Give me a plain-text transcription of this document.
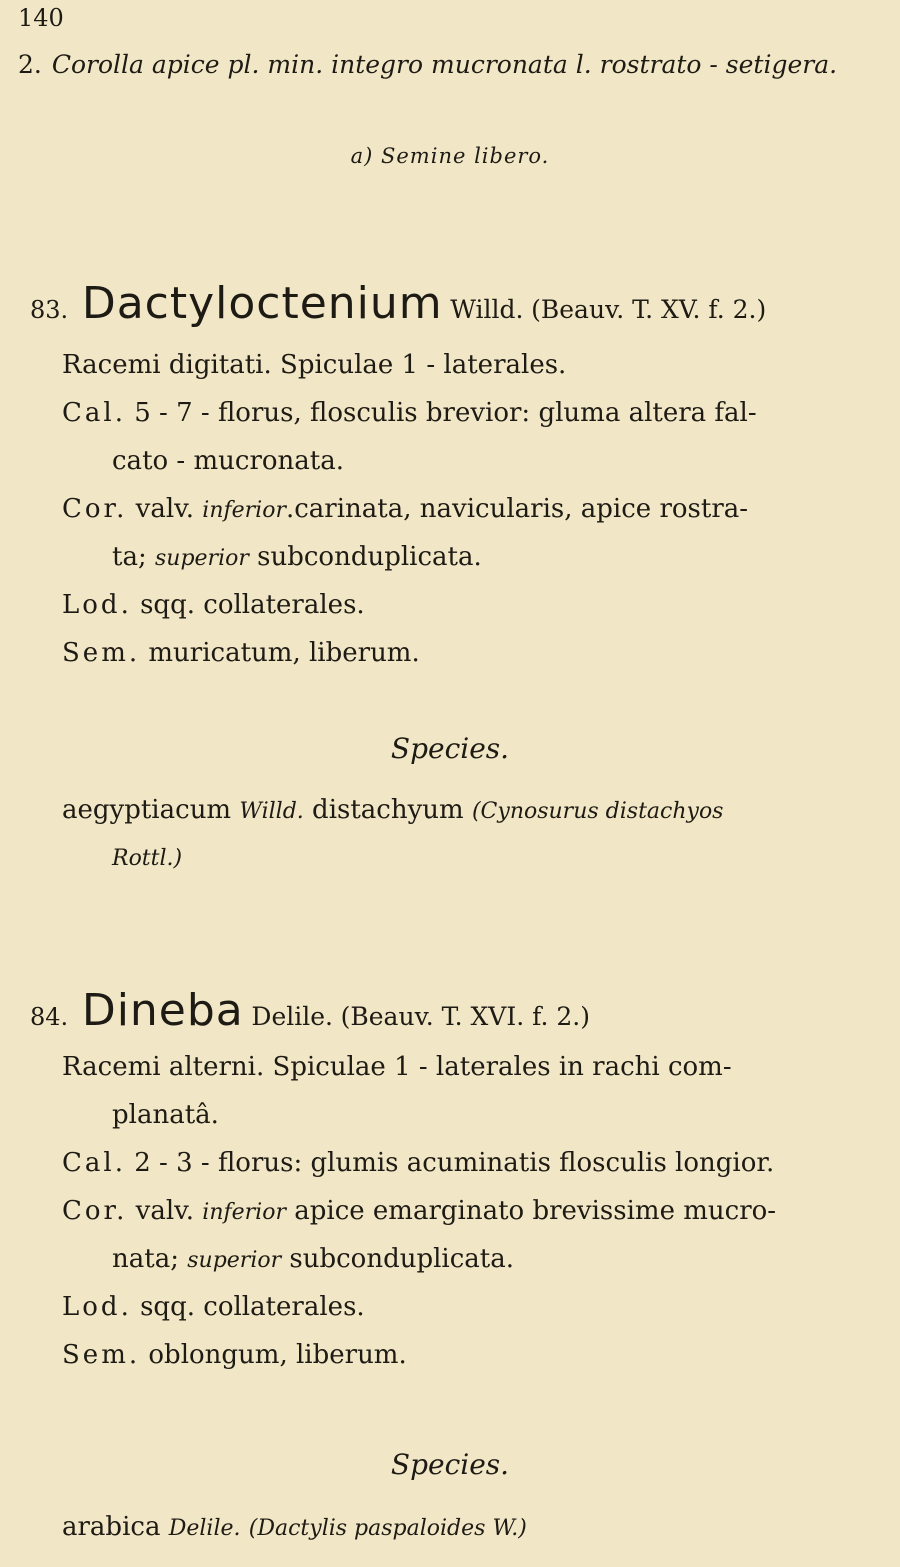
140
2. Corolla apice pl. min. integro mucronata l. rostrato - setigera.
a) Semine libero.
83. Dactyloctenium Willd. (Beauv. T. XV. f. 2.)
Racemi digitati. Spiculae 1 - laterales.
Cal. 5 - 7 - florus, flosculis brevior: gluma altera fal-
cato - mucronata.
Cor. valv. inferior.carinata, navicularis, apice rostra-
ta; superior subconduplicata.
Lod. sqq. collaterales.
Sem. muricatum, liberum.
Species.
aegyptiacum Willd. distachyum (Cynosurus distachyos
Rottl.)
84. Dineba Delile. (Beauv. T. XVI. f. 2.)
Racemi alterni. Spiculae 1 - laterales in rachi com-
planatâ.
Cal. 2 - 3 - florus: glumis acuminatis flosculis longior.
Cor. valv. inferior apice emarginato brevissime mucro-
nata; superior subconduplicata.
Lod. sqq. collaterales.
Sem. oblongum, liberum.
Species.
arabica Delile. (Dactylis paspaloides W.)
